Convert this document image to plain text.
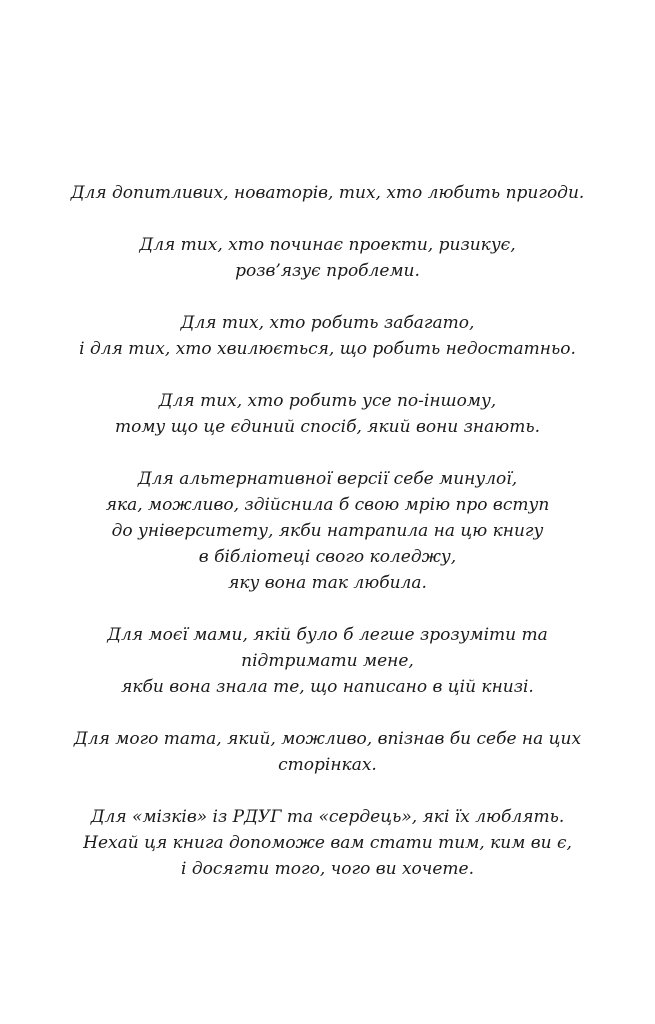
Для допитливих, новаторів, тих, хто любить пригоди.
Для тих, хто починає проекти, ризикує,
розв’язує проблеми.
Для тих, хто робить забагато,
і для тих, хто хвилюється, що робить недостатньо.
Для тих, хто робить усе по-іншому,
тому що це єдиний спосіб, який вони знають.
Для альтернативної версії себе минулої,
яка, можливо, здійснила б свою мрію про вступ
до університету, якби натрапила на цю книгу
в бібліотеці свого коледжу,
яку вона так любила.
Для моєї мами, якій було б легше зрозуміти та
підтримати мене,
якби вона знала те, що написано в цій книзі.
Для мого тата, який, можливо, впізнав би себе на цих
сторінках.
Для «мізків» із РДУГ та «сердець», які їх люблять.
Нехай ця книга допоможе вам стати тим, ким ви є,
і досягти того, чого ви хочете.
